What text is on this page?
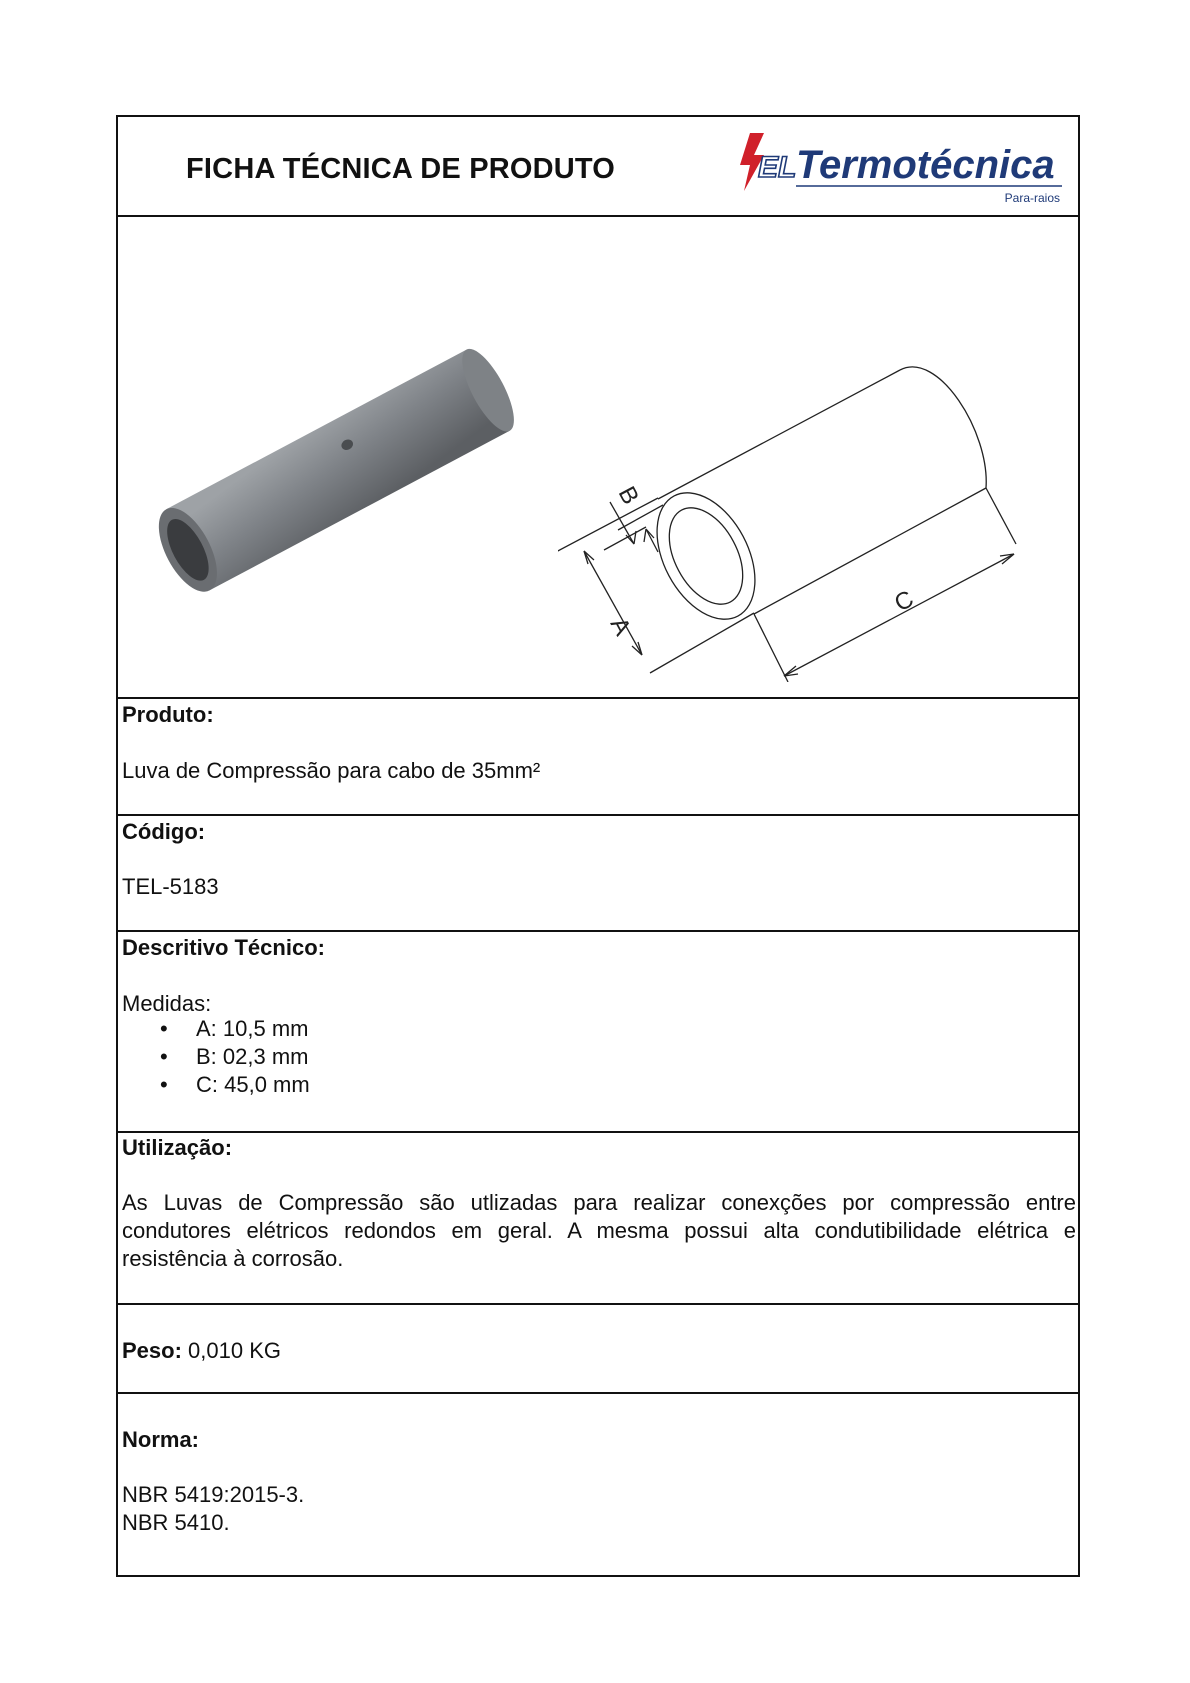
FICHA TÉCNICA DE PRODUTO	EL Termotécnica
Para-raios
A
B
C
Produto:
Luva de Compressão para cabo de 35mm²
Código:
TEL-5183
Descritivo Técnico:
Medidas:
• A: 10,5 mm
• B: 02,3 mm
• C: 45,0 mm
Utilização:
As Luvas de Compressão são utlizadas para realizar conexções por compressão entre condutores elétricos redondos em geral. A mesma possui alta condutibilidade elétrica e resistência à corrosão.
Peso: 0,010 KG
Norma:
NBR 5419:2015-3.
NBR 5410.
